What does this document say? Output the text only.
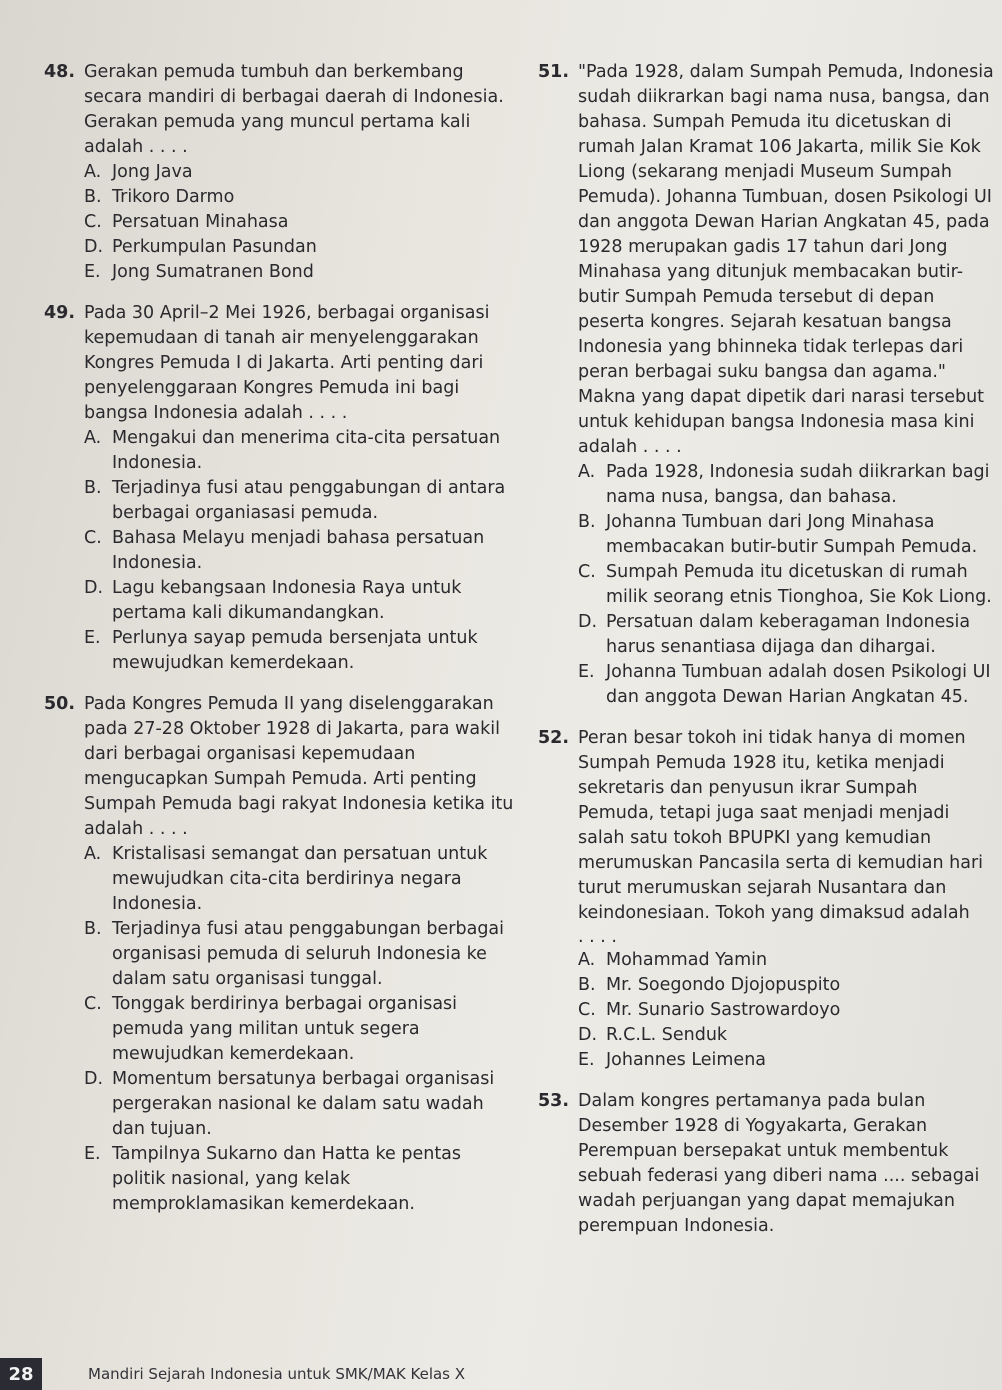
48. Gerakan pemuda tumbuh dan berkembang secara mandiri di berbagai daerah di Indonesia. Gerakan pemuda yang muncul pertama kali adalah . . . .
A. Jong Java
B. Trikoro Darmo
C. Persatuan Minahasa
D. Perkumpulan Pasundan
E. Jong Sumatranen Bond
49. Pada 30 April–2 Mei 1926, berbagai organisasi kepemudaan di tanah air menyelenggarakan Kongres Pemuda I di Jakarta. Arti penting dari penyelenggaraan Kongres Pemuda ini bagi bangsa Indonesia adalah . . . .
A. Mengakui dan menerima cita-cita persatuan Indonesia.
B. Terjadinya fusi atau penggabungan di antara berbagai organiasasi pemuda.
C. Bahasa Melayu menjadi bahasa persatuan Indonesia.
D. Lagu kebangsaan Indonesia Raya untuk pertama kali dikumandangkan.
E. Perlunya sayap pemuda bersenjata untuk mewujudkan kemerdekaan.
50. Pada Kongres Pemuda II yang diselenggarakan pada 27-28 Oktober 1928 di Jakarta, para wakil dari berbagai organisasi kepemudaan mengucapkan Sumpah Pemuda. Arti penting Sumpah Pemuda bagi rakyat Indonesia ketika itu adalah . . . .
A. Kristalisasi semangat dan persatuan untuk mewujudkan cita-cita berdirinya negara Indonesia.
B. Terjadinya fusi atau penggabungan berbagai organisasi pemuda di seluruh Indonesia ke dalam satu organisasi tunggal.
C. Tonggak berdirinya berbagai organisasi pemuda yang militan untuk segera mewujudkan kemerdekaan.
D. Momentum bersatunya berbagai organisasi pergerakan nasional ke dalam satu wadah dan tujuan.
E. Tampilnya Sukarno dan Hatta ke pentas politik nasional, yang kelak memproklamasikan kemerdekaan.
51. "Pada 1928, dalam Sumpah Pemuda, Indonesia sudah diikrarkan bagi nama nusa, bangsa, dan bahasa. Sumpah Pemuda itu dicetuskan di rumah Jalan Kramat 106 Jakarta, milik Sie Kok Liong (sekarang menjadi Museum Sumpah Pemuda). Johanna Tumbuan, dosen Psikologi UI dan anggota Dewan Harian Angkatan 45, pada 1928 merupakan gadis 17 tahun dari Jong Minahasa yang ditunjuk membacakan butir-butir Sumpah Pemuda tersebut di depan peserta kongres. Sejarah kesatuan bangsa Indonesia yang bhinneka tidak terlepas dari peran berbagai suku bangsa dan agama." Makna yang dapat dipetik dari narasi tersebut untuk kehidupan bangsa Indonesia masa kini adalah . . . .
A. Pada 1928, Indonesia sudah diikrarkan bagi nama nusa, bangsa, dan bahasa.
B. Johanna Tumbuan dari Jong Minahasa membacakan butir-butir Sumpah Pemuda.
C. Sumpah Pemuda itu dicetuskan di rumah milik seorang etnis Tionghoa, Sie Kok Liong.
D. Persatuan dalam keberagaman Indonesia harus senantiasa dijaga dan dihargai.
E. Johanna Tumbuan adalah dosen Psikologi UI dan anggota Dewan Harian Angkatan 45.
52. Peran besar tokoh ini tidak hanya di momen Sumpah Pemuda 1928 itu, ketika menjadi sekretaris dan penyusun ikrar Sumpah Pemuda, tetapi juga saat menjadi menjadi salah satu tokoh BPUPKI yang kemudian merumuskan Pancasila serta di kemudian hari turut merumuskan sejarah Nusantara dan keindonesiaan. Tokoh yang dimaksud adalah
. . . .
A. Mohammad Yamin
B. Mr. Soegondo Djojopuspito
C. Mr. Sunario Sastrowardoyo
D. R.C.L. Senduk
E. Johannes Leimena
53. Dalam kongres pertamanya pada bulan Desember 1928 di Yogyakarta, Gerakan Perempuan bersepakat untuk membentuk sebuah federasi yang diberi nama .... sebagai wadah perjuangan yang dapat memajukan perempuan Indonesia.
28	Mandiri Sejarah Indonesia untuk SMK/MAK Kelas X
